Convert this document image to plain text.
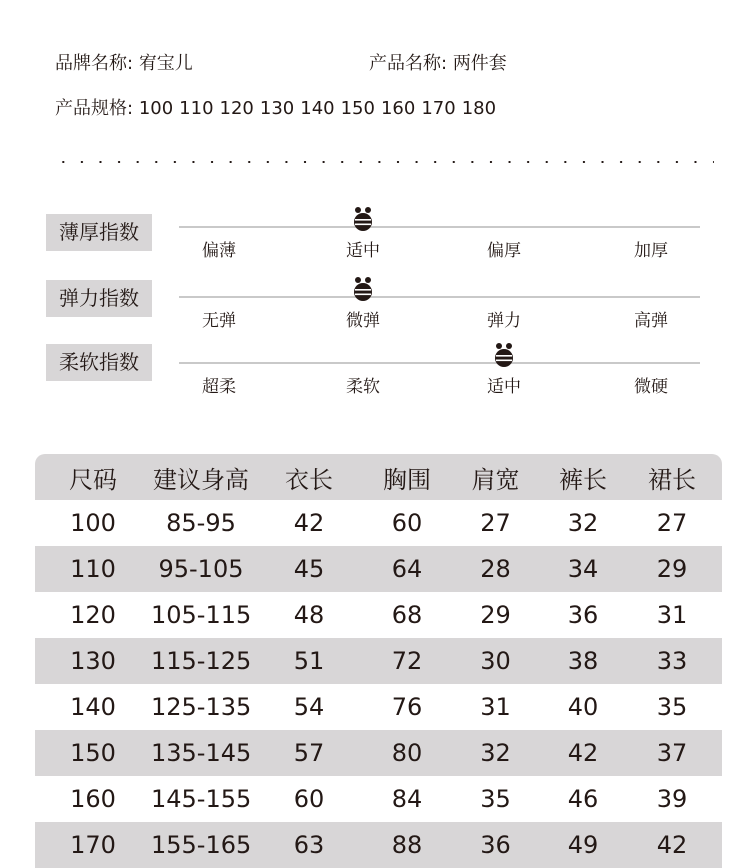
品牌名称: 宥宝儿	产品名称: 两件套
产品规格: 100 110 120 130 140 150 160 170 180
薄厚指数
偏薄	适中	偏厚	加厚
弹力指数
无弹	微弹	弹力	高弹
柔软指数
超柔	柔软	适中	微硬
尺码	建议身高	衣长	胸围	肩宽	裤长	裙长
100	85-95	42	60	27	32	27
110	95-105	45	64	28	34	29
120	105-115	48	68	29	36	31
130	115-125	51	72	30	38	33
140	125-135	54	76	31	40	35
150	135-145	57	80	32	42	37
160	145-155	60	84	35	46	39
170	155-165	63	88	36	49	42
